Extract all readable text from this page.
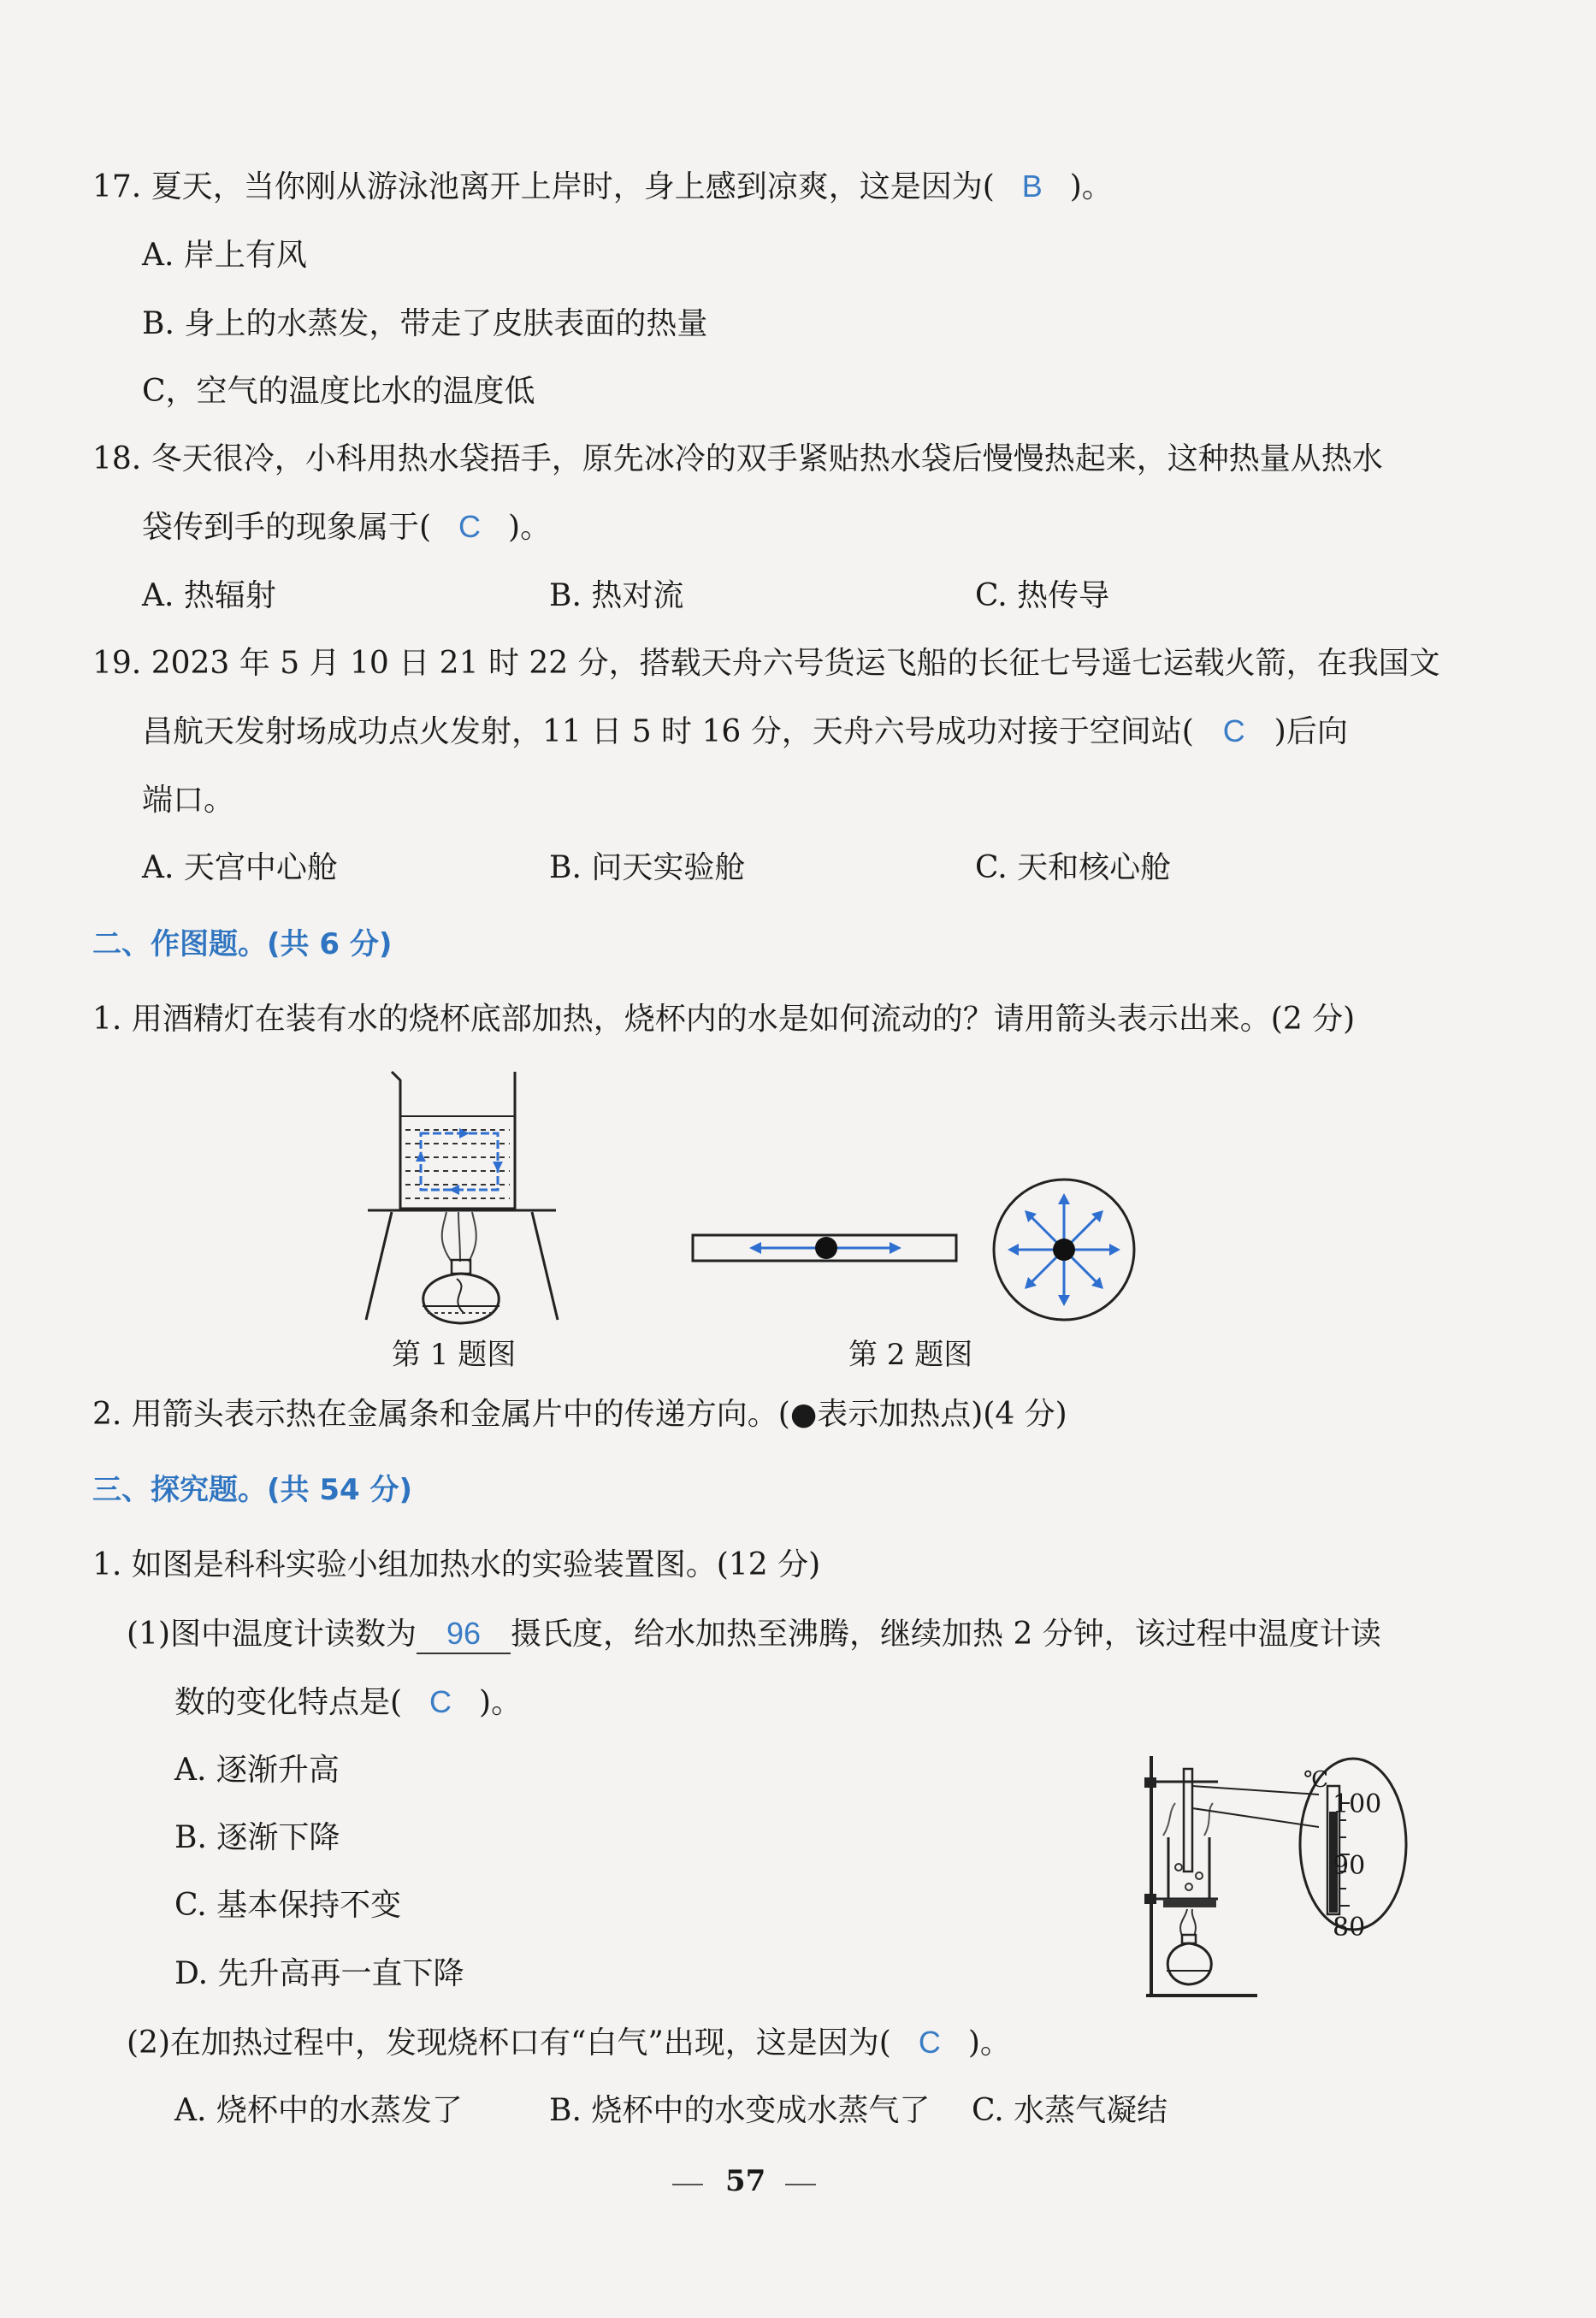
17. 夏天，当你刚从游泳池离开上岸时，身上感到凉爽，这是因为( B )。
A. 岸上有风
B. 身上的水蒸发，带走了皮肤表面的热量
C，空气的温度比水的温度低
18. 冬天很冷，小科用热水袋捂手，原先冰冷的双手紧贴热水袋后慢慢热起来，这种热量从热水
袋传到手的现象属于( C )。
A. 热辐射	B. 热对流	C. 热传导
19. 2023 年 5 月 10 日 21 时 22 分，搭载天舟六号货运飞船的长征七号遥七运载火箭，在我国文
昌航天发射场成功点火发射，11 日 5 时 16 分，天舟六号成功对接于空间站( C )后向
端口。
A. 天宫中心舱	B. 问天实验舱	C. 天和核心舱
二、作图题。(共 6 分)
1. 用酒精灯在装有水的烧杯底部加热，烧杯内的水是如何流动的？请用箭头表示出来。(2 分)
第 1 题图	第 2 题图
2. 用箭头表示热在金属条和金属片中的传递方向。(●表示加热点)(4 分)
三、探究题。(共 54 分)
1. 如图是科科实验小组加热水的实验装置图。(12 分)
(1)图中温度计读数为 96 摄氏度，给水加热至沸腾，继续加热 2 分钟，该过程中温度计读
数的变化特点是( C )。
A. 逐渐升高
B. 逐渐下降
C. 基本保持不变
D. 先升高再一直下降
℃
100
90
80
(2)在加热过程中，发现烧杯口有“白气”出现，这是因为( C )。
A. 烧杯中的水蒸发了	B. 烧杯中的水变成水蒸气了 C. 水蒸气凝结
57
